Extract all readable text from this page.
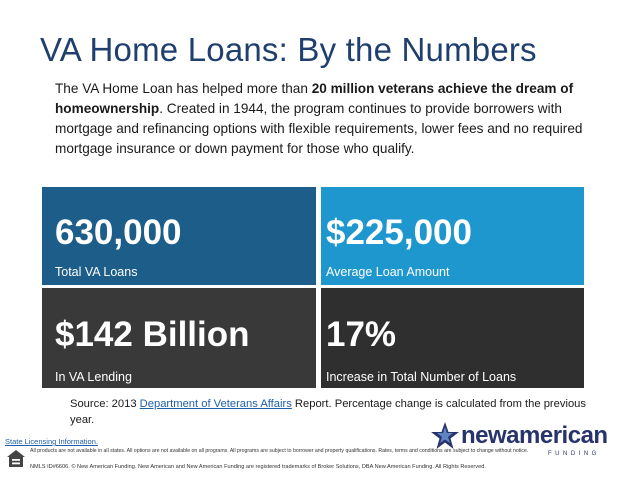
VA Home Loans: By the Numbers
The VA Home Loan has helped more than 20 million veterans achieve the dream of homeownership. Created in 1944, the program continues to provide borrowers with mortgage and refinancing options with flexible requirements, lower fees and no required mortgage insurance or down payment for those who qualify.
630,000
Total VA Loans
$225,000
Average Loan Amount
$142 Billion
In VA Lending
17%
Increase in Total Number of Loans
Source: 2013 Department of Veterans Affairs Report. Percentage change is calculated from the previous year.
State Licensing Information.
All products are not available in all states. All options are not available on all programs. All programs are subject to borrower and property qualifications. Rates, terms and conditions are subject to change without notice.
NMLS ID#6606. © New American Funding. New American and New American Funding are registered trademarks of Broker Solutions, DBA New American Funding. All Rights Reserved.
newamerican
FUNDING
